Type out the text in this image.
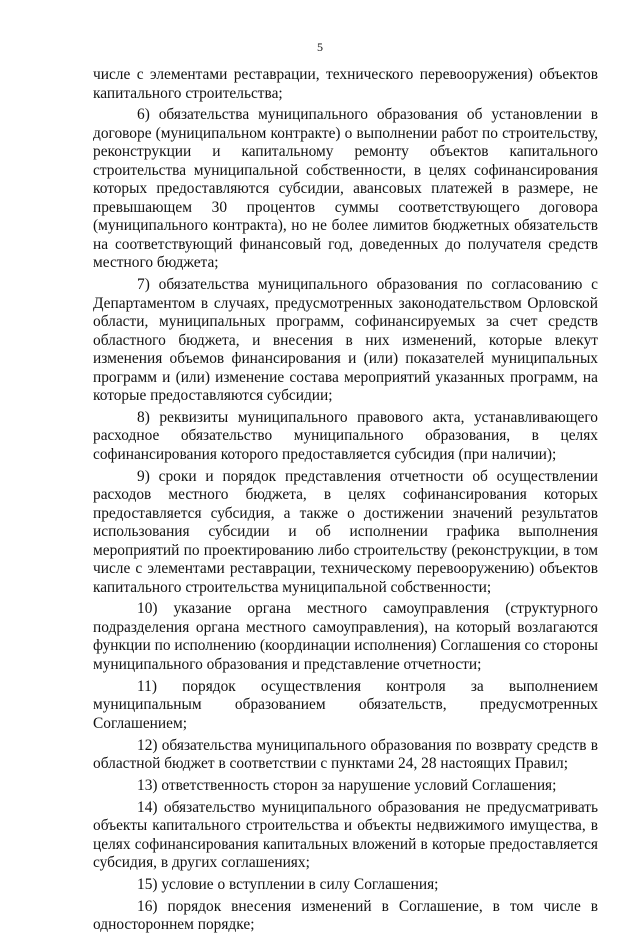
5

числе с элементами реставрации, технического перевооружения) объектов капитального строительства;

6) обязательства муниципального образования об установлении в договоре (муниципальном контракте) о выполнении работ по строительству, реконструкции и капитальному ремонту объектов капитального строительства муниципальной собственности, в целях софинансирования которых предоставляются субсидии, авансовых платежей в размере, не превышающем 30 процентов суммы соответствующего договора (муниципального контракта), но не более лимитов бюджетных обязательств на соответствующий финансовый год, доведенных до получателя средств местного бюджета;

7) обязательства муниципального образования по согласованию с Департаментом в случаях, предусмотренных законодательством Орловской области, муниципальных программ, софинансируемых за счет средств областного бюджета, и внесения в них изменений, которые влекут изменения объемов финансирования и (или) показателей муниципальных программ и (или) изменение состава мероприятий указанных программ, на которые предоставляются субсидии;

8) реквизиты муниципального правового акта, устанавливающего расходное обязательство муниципального образования, в целях софинансирования которого предоставляется субсидия (при наличии);

9) сроки и порядок представления отчетности об осуществлении расходов местного бюджета, в целях софинансирования которых предоставляется субсидия, а также о достижении значений результатов использования субсидии и об исполнении графика выполнения мероприятий по проектированию либо строительству (реконструкции, в том числе с элементами реставрации, техническому перевооружению) объектов капитального строительства муниципальной собственности;

10) указание органа местного самоуправления (структурного подразделения органа местного самоуправления), на который возлагаются функции по исполнению (координации исполнения) Соглашения со стороны муниципального образования и представление отчетности;

11) порядок осуществления контроля за выполнением муниципальным образованием обязательств, предусмотренных Соглашением;

12) обязательства муниципального образования по возврату средств в областной бюджет в соответствии с пунктами 24, 28 настоящих Правил;

13) ответственность сторон за нарушение условий Соглашения;

14) обязательство муниципального образования не предусматривать объекты капитального строительства и объекты недвижимого имущества, в целях софинансирования капитальных вложений в которые предоставляется субсидия, в других соглашениях;

15) условие о вступлении в силу Соглашения;

16) порядок внесения изменений в Соглашение, в том числе в одностороннем порядке;
